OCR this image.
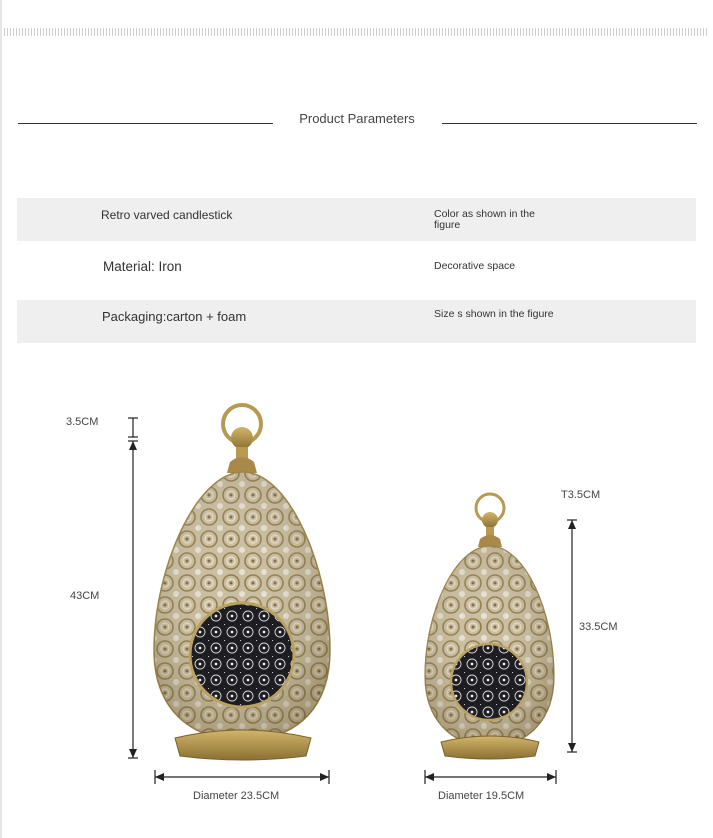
Product Parameters
Retro varved candlestick	Color as shown in the figure
Material: Iron	Decorative space
Packaging:carton + foam	Size s shown in the figure
3.5CM
43CM
Diameter 23.5CM
T3.5CM
33.5CM
Diameter 19.5CM
